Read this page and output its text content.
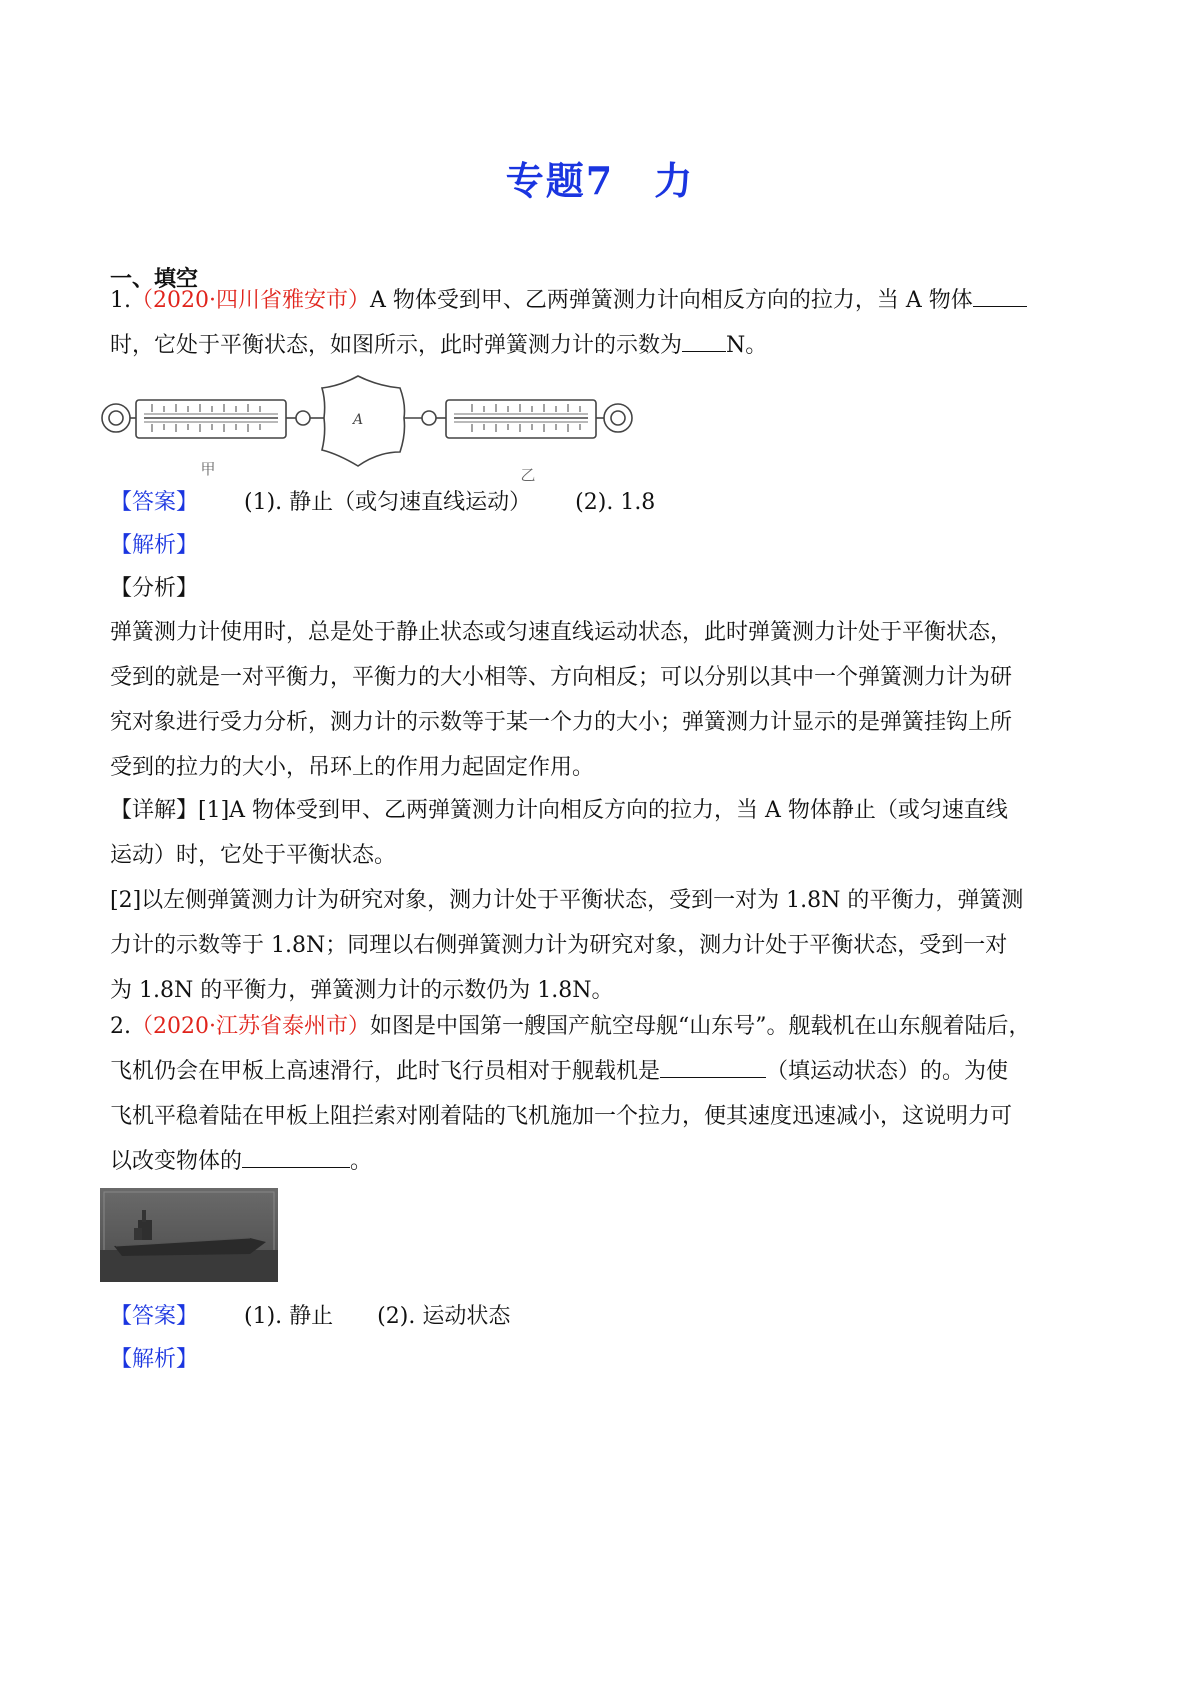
专题7 力
一、填空
1.（2020·四川省雅安市）A 物体受到甲、乙两弹簧测力计向相反方向的拉力，当 A 物体
时，它处于平衡状态，如图所示，此时弹簧测力计的示数为 N。
A
甲	乙
【答案】 (1). 静止（或匀速直线运动） (2). 1.8
【解析】
【分析】
弹簧测力计使用时，总是处于静止状态或匀速直线运动状态，此时弹簧测力计处于平衡状态，
受到的就是一对平衡力，平衡力的大小相等、方向相反；可以分别以其中一个弹簧测力计为研
究对象进行受力分析，测力计的示数等于某一个力的大小；弹簧测力计显示的是弹簧挂钩上所
受到的拉力的大小，吊环上的作用力起固定作用。
【详解】[1]A 物体受到甲、乙两弹簧测力计向相反方向的拉力，当 A 物体静止（或匀速直线
运动）时，它处于平衡状态。
[2]以左侧弹簧测力计为研究对象，测力计处于平衡状态，受到一对为 1.8N 的平衡力，弹簧测
力计的示数等于 1.8N；同理以右侧弹簧测力计为研究对象，测力计处于平衡状态，受到一对
为 1.8N 的平衡力，弹簧测力计的示数仍为 1.8N。
2.（2020·江苏省泰州市）如图是中国第一艘国产航空母舰“山东号”。舰载机在山东舰着陆后，
飞机仍会在甲板上高速滑行，此时飞行员相对于舰载机是	（填运动状态）的。为使
飞机平稳着陆在甲板上阻拦索对刚着陆的飞机施加一个拉力，便其速度迅速减小，这说明力可
以改变物体的	。
【答案】 (1). 静止 (2). 运动状态
【解析】
